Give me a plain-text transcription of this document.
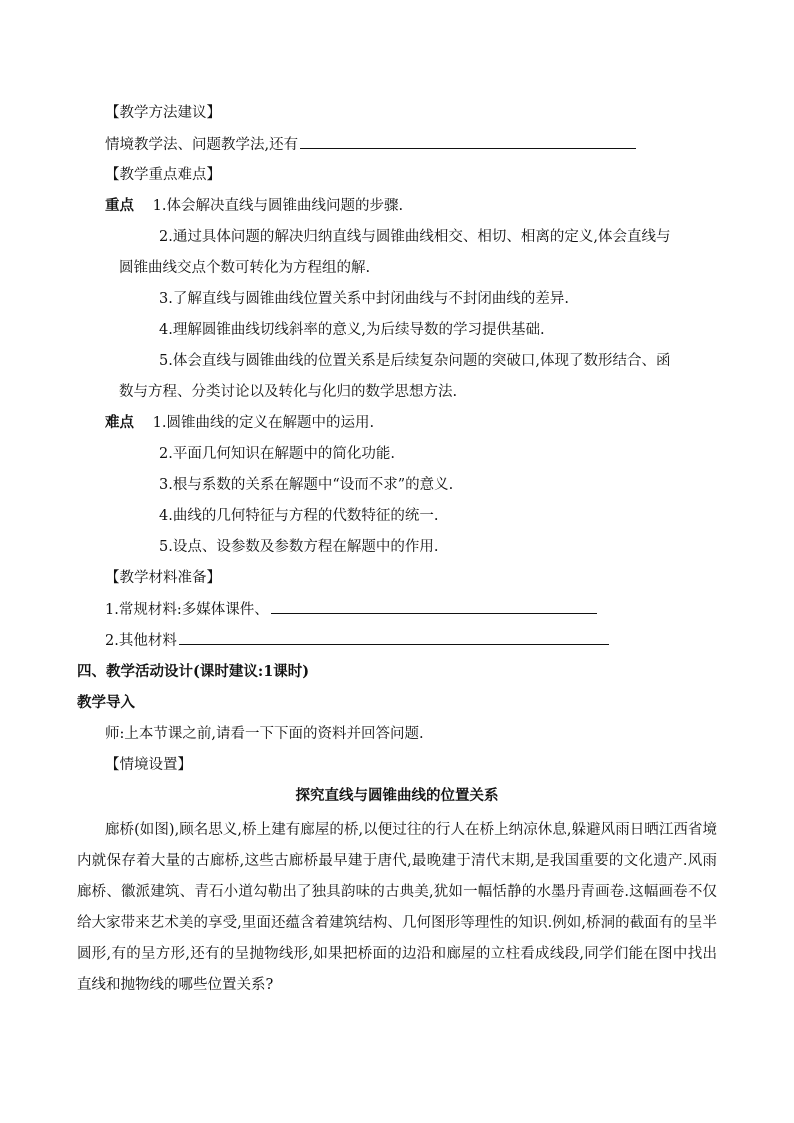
【教学方法建议】
情境教学法、问题教学法,还有
【教学重点难点】
重点 1.体会解决直线与圆锥曲线问题的步骤.
2.通过具体问题的解决归纳直线与圆锥曲线相交、相切、相离的定义,体会直线与
圆锥曲线交点个数可转化为方程组的解.
3.了解直线与圆锥曲线位置关系中封闭曲线与不封闭曲线的差异.
4.理解圆锥曲线切线斜率的意义,为后续导数的学习提供基础.
5.体会直线与圆锥曲线的位置关系是后续复杂问题的突破口,体现了数形结合、函
数与方程、分类讨论以及转化与化归的数学思想方法.
难点 1.圆锥曲线的定义在解题中的运用.
2.平面几何知识在解题中的简化功能.
3.根与系数的关系在解题中“设而不求”的意义.
4.曲线的几何特征与方程的代数特征的统一.
5.设点、设参数及参数方程在解题中的作用.
【教学材料准备】
1.常规材料:多媒体课件、
2.其他材料
四、教学活动设计(课时建议:1课时)
教学导入
师:上本节课之前,请看一下下面的资料并回答问题.
【情境设置】
探究直线与圆锥曲线的位置关系
廊桥(如图),顾名思义,桥上建有廊屋的桥,以便过往的行人在桥上纳凉休息,躲避风雨日晒江西省境内就保存着大量的古廊桥,这些古廊桥最早建于唐代,最晚建于清代末期,是我国重要的文化遗产.风雨廊桥、徽派建筑、青石小道勾勒出了独具韵味的古典美,犹如一幅恬静的水墨丹青画卷.这幅画卷不仅给大家带来艺术美的享受,里面还蕴含着建筑结构、几何图形等理性的知识.例如,桥洞的截面有的呈半圆形,有的呈方形,还有的呈抛物线形,如果把桥面的边沿和廊屋的立柱看成线段,同学们能在图中找出直线和抛物线的哪些位置关系?
